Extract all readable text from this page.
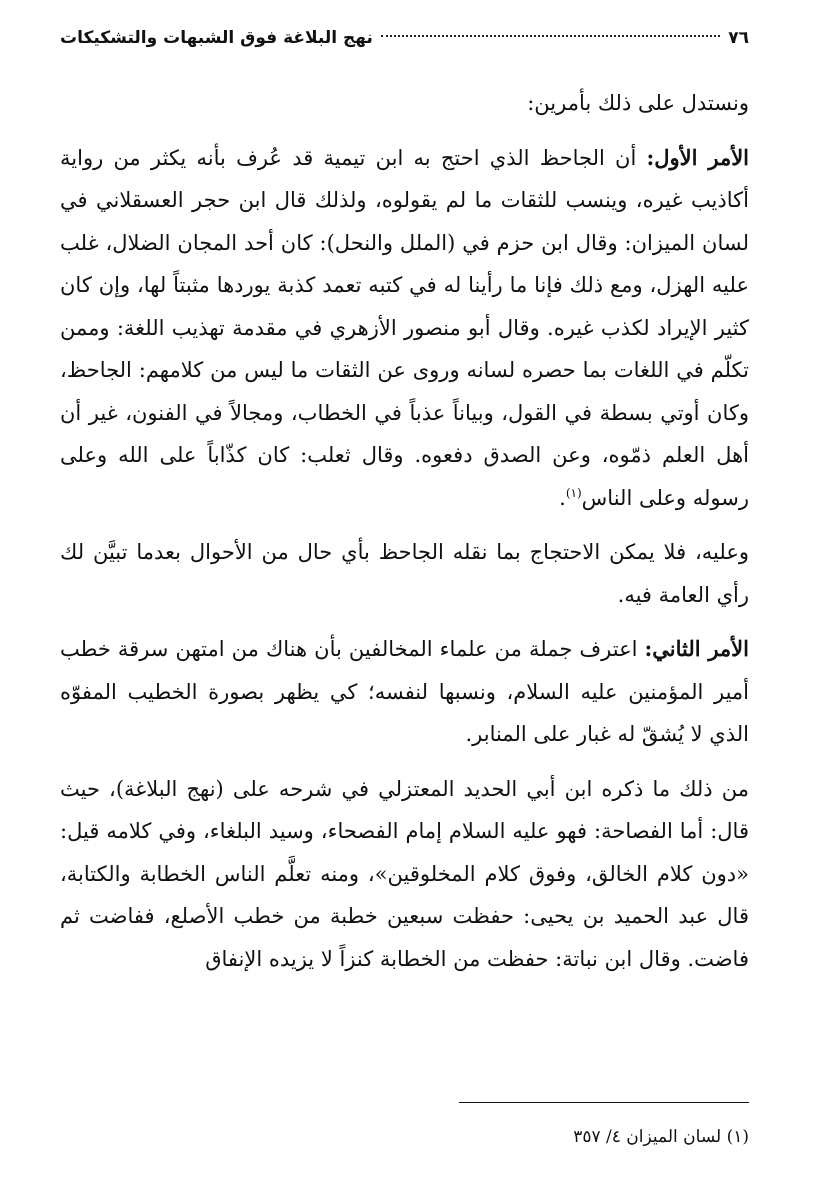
٧٦
نهج البلاغة فوق الشبهات والتشكيكات

ونستدل على ذلك بأمرين:

الأمر الأول: أن الجاحظ الذي احتج به ابن تيمية قد عُرف بأنه يكثر من رواية أكاذيب غيره، وينسب للثقات ما لم يقولوه، ولذلك قال ابن حجر العسقلاني في لسان الميزان: وقال ابن حزم في (الملل والنحل): كان أحد المجان الضلال، غلب عليه الهزل، ومع ذلك فإنا ما رأينا له في كتبه تعمد كذبة يوردها مثبتاً لها، وإن كان كثير الإيراد لكذب غيره. وقال أبو منصور الأزهري في مقدمة تهذيب اللغة: وممن تكلّم في اللغات بما حصره لسانه وروى عن الثقات ما ليس من كلامهم: الجاحظ، وكان أوتي بسطة في القول، وبياناً عذباً في الخطاب، ومجالاً في الفنون، غير أن أهل العلم ذمّوه، وعن الصدق دفعوه. وقال ثعلب: كان كذّاباً على الله وعلى رسوله وعلى الناس$^{(١)}$.

وعليه، فلا يمكن الاحتجاج بما نقله الجاحظ بأي حال من الأحوال بعدما تبيَّن لك رأي العامة فيه.

الأمر الثاني: اعترف جملة من علماء المخالفين بأن هناك من امتهن سرقة خطب أمير المؤمنين عليه السلام، ونسبها لنفسه؛ كي يظهر بصورة الخطيب المفوّه الذي لا يُشقّ له غبار على المنابر.

من ذلك ما ذكره ابن أبي الحديد المعتزلي في شرحه على (نهج البلاغة)، حيث قال: أما الفصاحة: فهو عليه السلام إمام الفصحاء، وسيد البلغاء، وفي كلامه قيل: «دون كلام الخالق، وفوق كلام المخلوقين»، ومنه تعلَّم الناس الخطابة والكتابة، قال عبد الحميد بن يحيى: حفظت سبعين خطبة من خطب الأصلع، ففاضت ثم فاضت. وقال ابن نباتة: حفظت من الخطابة كنزاً لا يزيده الإنفاق

(١) لسان الميزان ٤/ ٣٥٧
